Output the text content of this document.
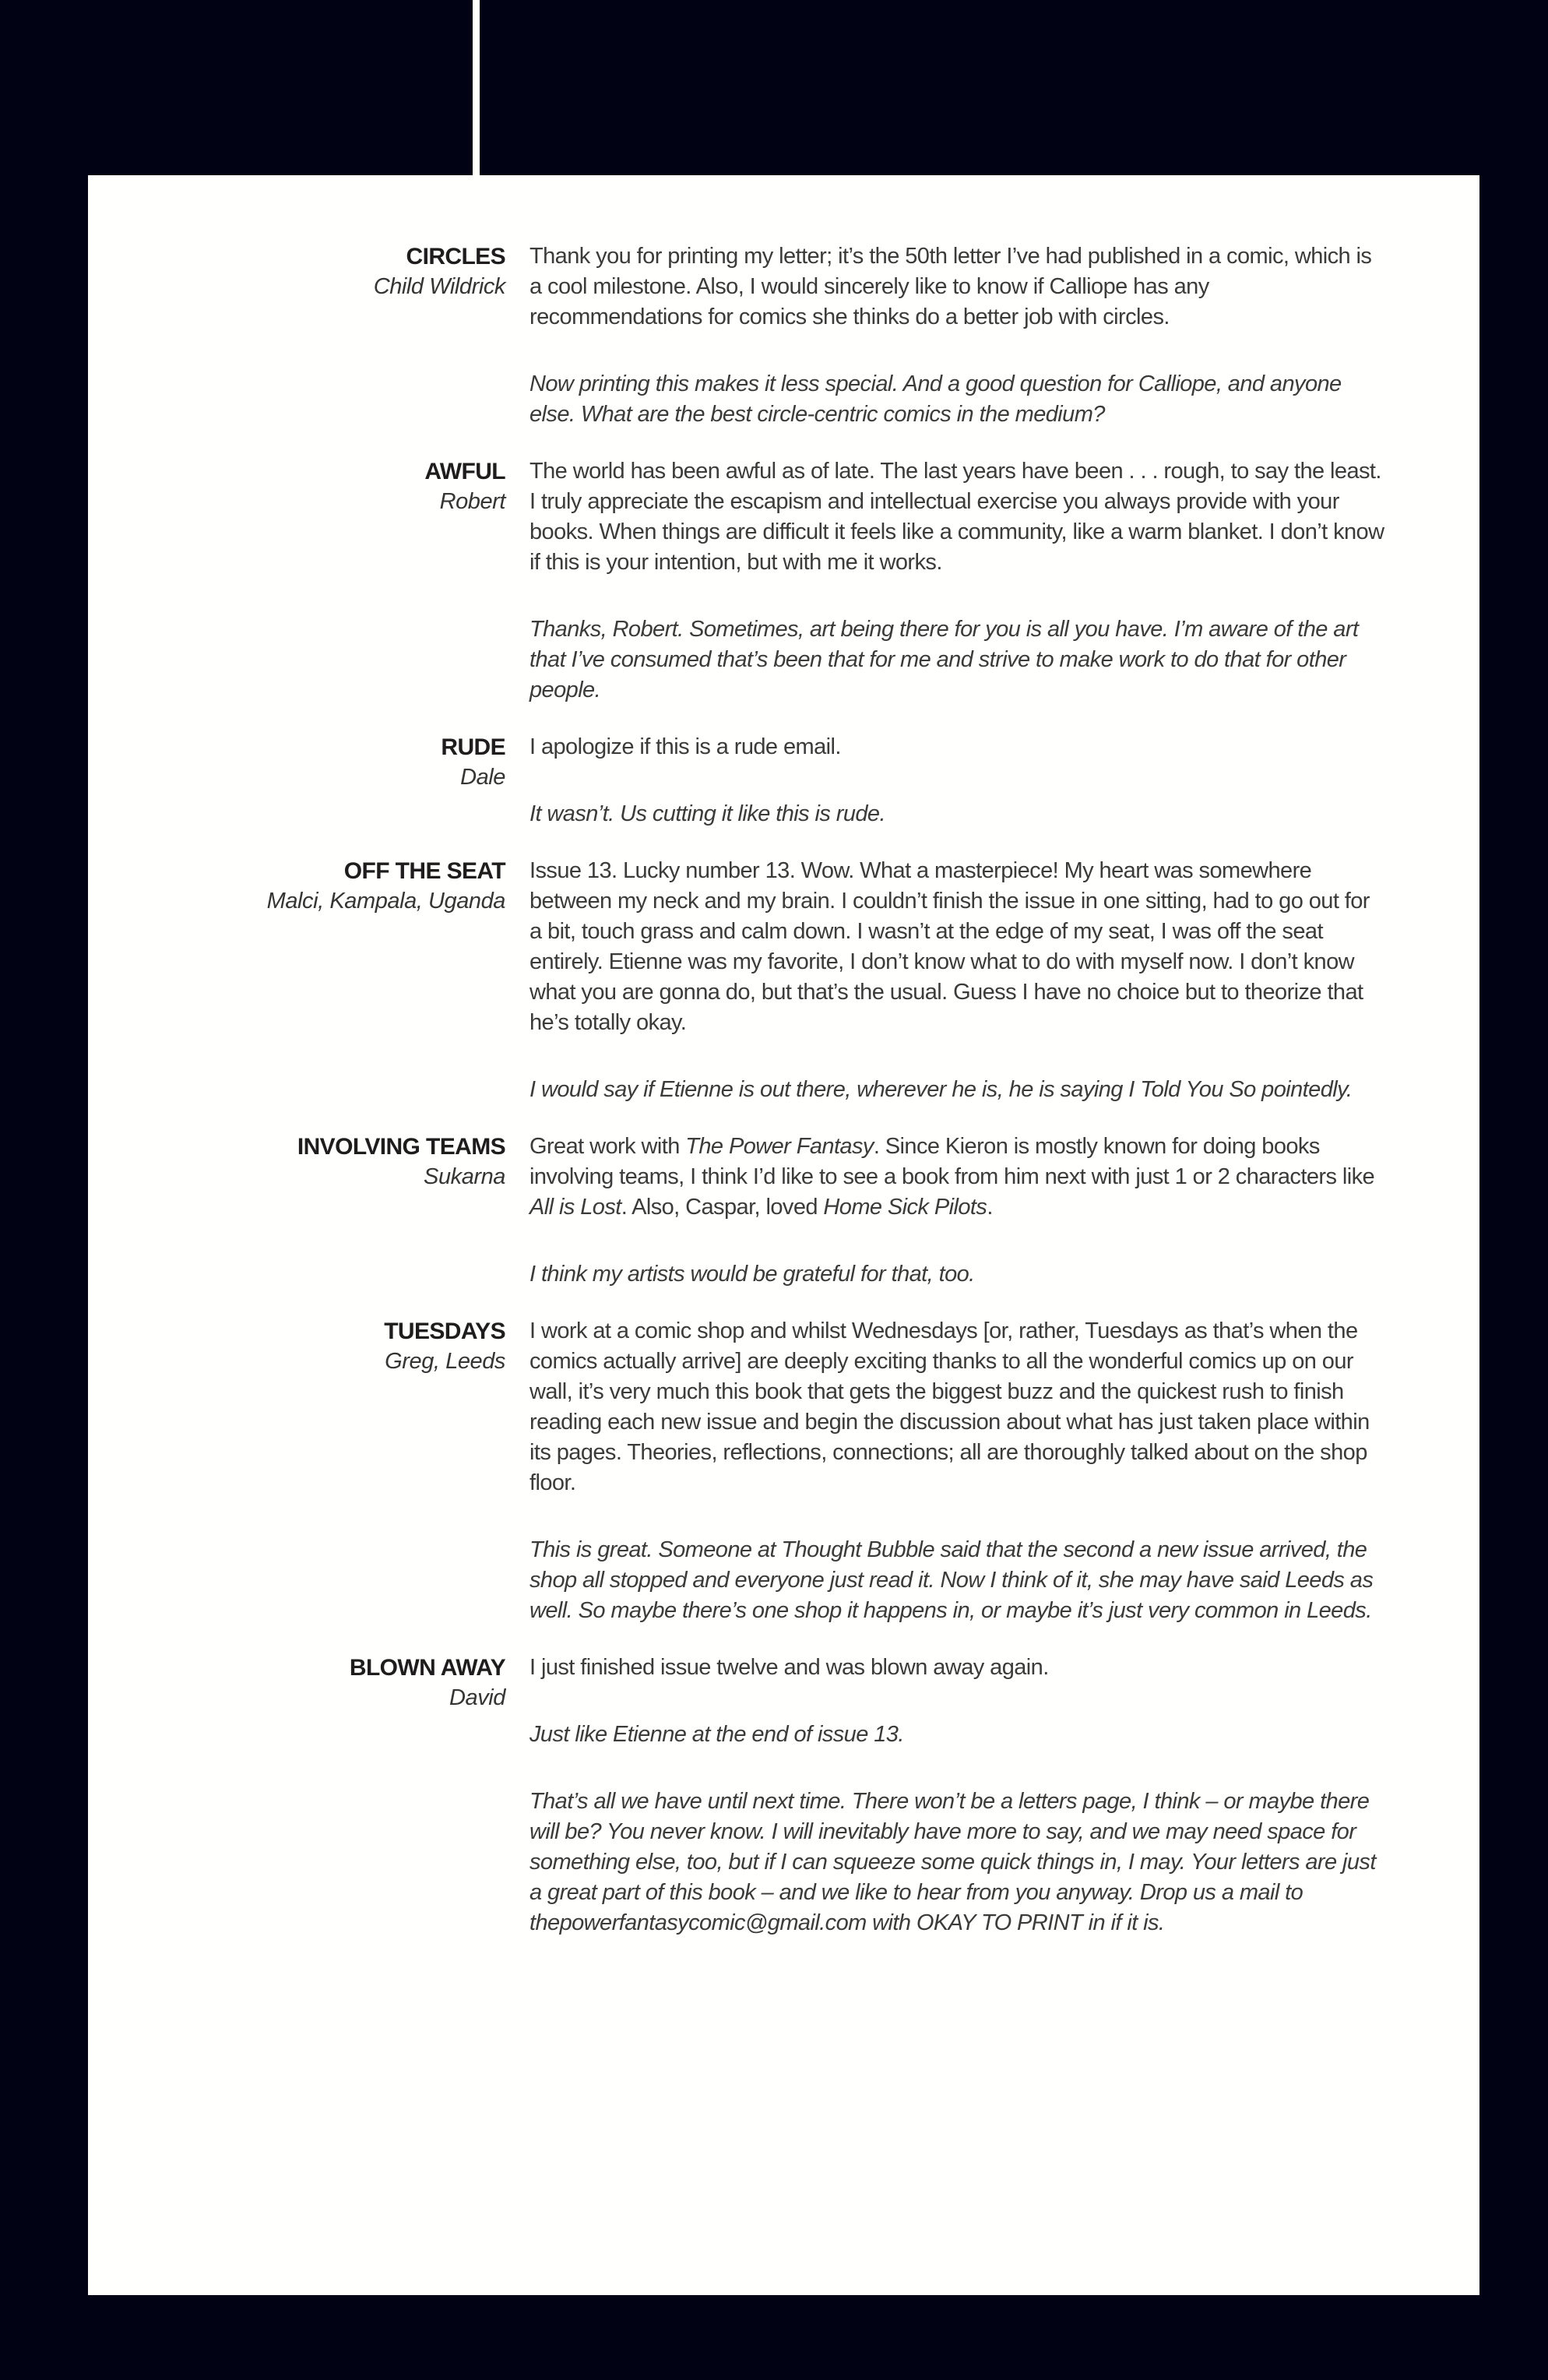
CIRCLES
Child Wildrick

Thank you for printing my letter; it’s the 50th letter I’ve had published in a comic, which is a cool milestone. Also, I would sincerely like to know if Calliope has any recommendations for comics she thinks do a better job with circles.

Now printing this makes it less special. And a good question for Calliope, and anyone else. What are the best circle-centric comics in the medium?

AWFUL
Robert

The world has been awful as of late. The last years have been . . . rough, to say the least. I truly appreciate the escapism and intellectual exercise you always provide with your books. When things are difficult it feels like a community, like a warm blanket. I don’t know if this is your intention, but with me it works.

Thanks, Robert. Sometimes, art being there for you is all you have. I’m aware of the art that I’ve consumed that’s been that for me and strive to make work to do that for other people.

RUDE
Dale

I apologize if this is a rude email.

It wasn’t. Us cutting it like this is rude.

OFF THE SEAT
Malci, Kampala, Uganda

Issue 13. Lucky number 13. Wow. What a masterpiece! My heart was somewhere between my neck and my brain. I couldn’t finish the issue in one sitting, had to go out for a bit, touch grass and calm down. I wasn’t at the edge of my seat, I was off the seat entirely. Etienne was my favorite, I don’t know what to do with myself now. I don’t know what you are gonna do, but that’s the usual. Guess I have no choice but to theorize that he’s totally okay.

I would say if Etienne is out there, wherever he is, he is saying I Told You So pointedly.

INVOLVING TEAMS
Sukarna

Great work with The Power Fantasy. Since Kieron is mostly known for doing books involving teams, I think I’d like to see a book from him next with just 1 or 2 characters like All is Lost. Also, Caspar, loved Home Sick Pilots.

I think my artists would be grateful for that, too.

TUESDAYS
Greg, Leeds

I work at a comic shop and whilst Wednesdays [or, rather, Tuesdays as that’s when the comics actually arrive] are deeply exciting thanks to all the wonderful comics up on our wall, it’s very much this book that gets the biggest buzz and the quickest rush to finish reading each new issue and begin the discussion about what has just taken place within its pages. Theories, reflections, connections; all are thoroughly talked about on the shop floor.

This is great. Someone at Thought Bubble said that the second a new issue arrived, the shop all stopped and everyone just read it. Now I think of it, she may have said Leeds as well. So maybe there’s one shop it happens in, or maybe it’s just very common in Leeds.

BLOWN AWAY
David

I just finished issue twelve and was blown away again.

Just like Etienne at the end of issue 13.

That’s all we have until next time. There won’t be a letters page, I think – or maybe there will be? You never know. I will inevitably have more to say, and we may need space for something else, too, but if I can squeeze some quick things in, I may. Your letters are just a great part of this book – and we like to hear from you anyway. Drop us a mail to thepowerfantasycomic@gmail.com with OKAY TO PRINT in if it is.
